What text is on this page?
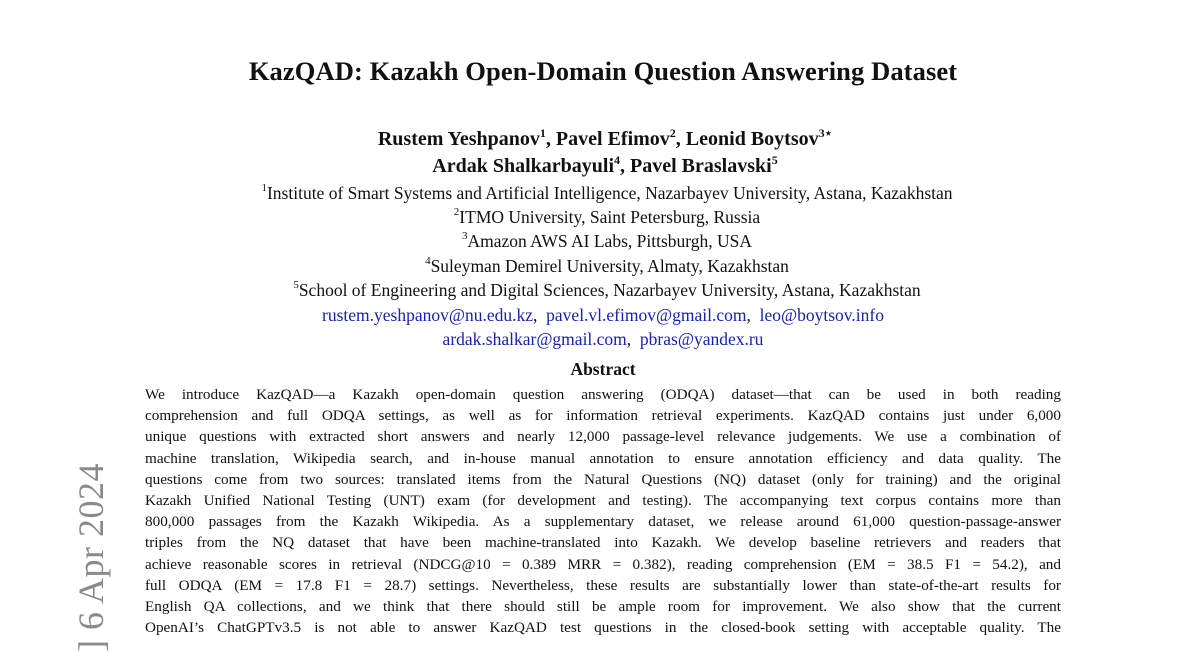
KazQAD: Kazakh Open-Domain Question Answering Dataset
Rustem Yeshpanov$^1$, Pavel Efimov$^2$, Leonid Boytsov$^{3⋆}$
Ardak Shalkarbayuli$^4$, Pavel Braslavski$^5$
$^1$Institute of Smart Systems and Artificial Intelligence, Nazarbayev University, Astana, Kazakhstan
$^2$ITMO University, Saint Petersburg, Russia
$^3$Amazon AWS AI Labs, Pittsburgh, USA
$^4$Suleyman Demirel University, Almaty, Kazakhstan
$^5$School of Engineering and Digital Sciences, Nazarbayev University, Astana, Kazakhstan
rustem.yeshpanov@nu.edu.kz,  pavel.vl.efimov@gmail.com,  leo@boytsov.info
ardak.shalkar@gmail.com,  pbras@yandex.ru
Abstract
We introduce KazQAD—a Kazakh open-domain question answering (ODQA) dataset—that can be used in both reading
comprehension and full ODQA settings, as well as for information retrieval experiments. KazQAD contains just under 6,000
unique questions with extracted short answers and nearly 12,000 passage-level relevance judgements. We use a combination of
machine translation, Wikipedia search, and in-house manual annotation to ensure annotation efficiency and data quality. The
questions come from two sources: translated items from the Natural Questions (NQ) dataset (only for training) and the original
Kazakh Unified National Testing (UNT) exam (for development and testing). The accompanying text corpus contains more than
800,000 passages from the Kazakh Wikipedia. As a supplementary dataset, we release around 61,000 question-passage-answer
triples from the NQ dataset that have been machine-translated into Kazakh. We develop baseline retrievers and readers that
achieve reasonable scores in retrieval (NDCG@10 = 0.389 MRR = 0.382), reading comprehension (EM = 38.5 F1 = 54.2), and
full ODQA (EM = 17.8 F1 = 28.7) settings. Nevertheless, these results are substantially lower than state-of-the-art results for
English QA collections, and we think that there should still be ample room for improvement. We also show that the current
OpenAI’s ChatGPTv3.5 is not able to answer KazQAD test questions in the closed-book setting with acceptable quality. The
] 6 Apr 2024
